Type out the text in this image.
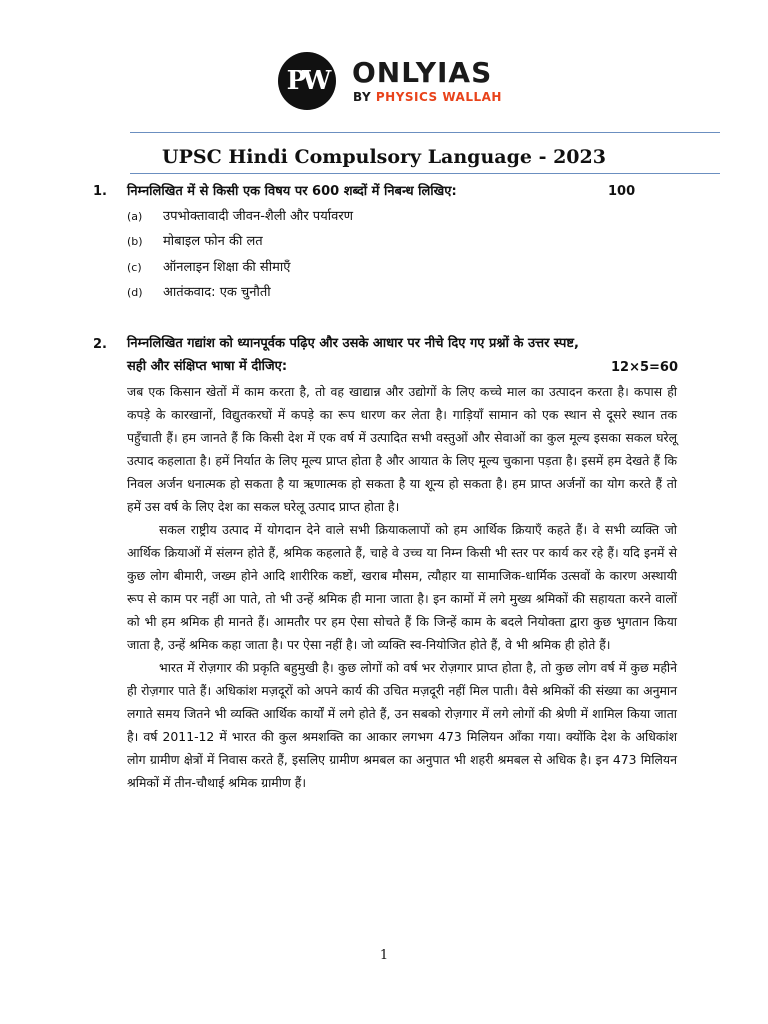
PW ONLYIAS
BY PHYSICS WALLAH
UPSC Hindi Compulsory Language - 2023
1. निम्नलिखित में से किसी एक विषय पर 600 शब्दों में निबन्ध लिखिए:	100
(a) उपभोक्तावादी जीवन-शैली और पर्यावरण
(b) मोबाइल फोन की लत
(c) ऑनलाइन शिक्षा की सीमाएँ
(d) आतंकवाद: एक चुनौती
2. निम्नलिखित गद्यांश को ध्यानपूर्वक पढ़िए और उसके आधार पर नीचे दिए गए प्रश्नों के उत्तर स्पष्ट,
सही और संक्षिप्त भाषा में दीजिए:	12×5=60

जब एक किसान खेतों में काम करता है, तो वह खाद्यान्न और उद्योगों के लिए कच्चे माल का उत्पादन करता है। कपास ही कपड़े के कारखानों, विद्युतकरघों में कपड़े का रूप धारण कर लेता है। गाड़ियाँ सामान को एक स्थान से दूसरे स्थान तक पहुँचाती हैं। हम जानते हैं कि किसी देश में एक वर्ष में उत्पादित सभी वस्तुओं और सेवाओं का कुल मूल्य इसका सकल घरेलू उत्पाद कहलाता है। हमें निर्यात के लिए मूल्य प्राप्त होता है और आयात के लिए मूल्य चुकाना पड़ता है। इसमें हम देखते हैं कि निवल अर्जन धनात्मक हो सकता है या ऋणात्मक हो सकता है या शून्य हो सकता है। हम प्राप्त अर्जनों का योग करते हैं तो हमें उस वर्ष के लिए देश का सकल घरेलू उत्पाद प्राप्त होता है।

सकल राष्ट्रीय उत्पाद में योगदान देने वाले सभी क्रियाकलापों को हम आर्थिक क्रियाएँ कहते हैं। वे सभी व्यक्ति जो आर्थिक क्रियाओं में संलग्न होते हैं, श्रमिक कहलाते हैं, चाहे वे उच्च या निम्न किसी भी स्तर पर कार्य कर रहे हैं। यदि इनमें से कुछ लोग बीमारी, जख्म होने आदि शारीरिक कष्टों, खराब मौसम, त्यौहार या सामाजिक-धार्मिक उत्सवों के कारण अस्थायी रूप से काम पर नहीं आ पाते, तो भी उन्हें श्रमिक ही माना जाता है। इन कामों में लगे मुख्य श्रमिकों की सहायता करने वालों को भी हम श्रमिक ही मानते हैं। आमतौर पर हम ऐसा सोचते हैं कि जिन्हें काम के बदले नियोक्ता द्वारा कुछ भुगतान किया जाता है, उन्हें श्रमिक कहा जाता है। पर ऐसा नहीं है। जो व्यक्ति स्व-नियोजित होते हैं, वे भी श्रमिक ही होते हैं।

भारत में रोज़गार की प्रकृति बहुमुखी है। कुछ लोगों को वर्ष भर रोज़गार प्राप्त होता है, तो कुछ लोग वर्ष में कुछ महीने ही रोज़गार पाते हैं। अधिकांश मज़दूरों को अपने कार्य की उचित मज़दूरी नहीं मिल पाती। वैसे श्रमिकों की संख्या का अनुमान लगाते समय जितने भी व्यक्ति आर्थिक कार्यों में लगे होते हैं, उन सबको रोज़गार में लगे लोगों की श्रेणी में शामिल किया जाता है। वर्ष 2011-12 में भारत की कुल श्रमशक्ति का आकार लगभग 473 मिलियन आँका गया। क्योंकि देश के अधिकांश लोग ग्रामीण क्षेत्रों में निवास करते हैं, इसलिए ग्रामीण श्रमबल का अनुपात भी शहरी श्रमबल से अधिक है। इन 473 मिलियन श्रमिकों में तीन-चौथाई श्रमिक ग्रामीण हैं।

1
